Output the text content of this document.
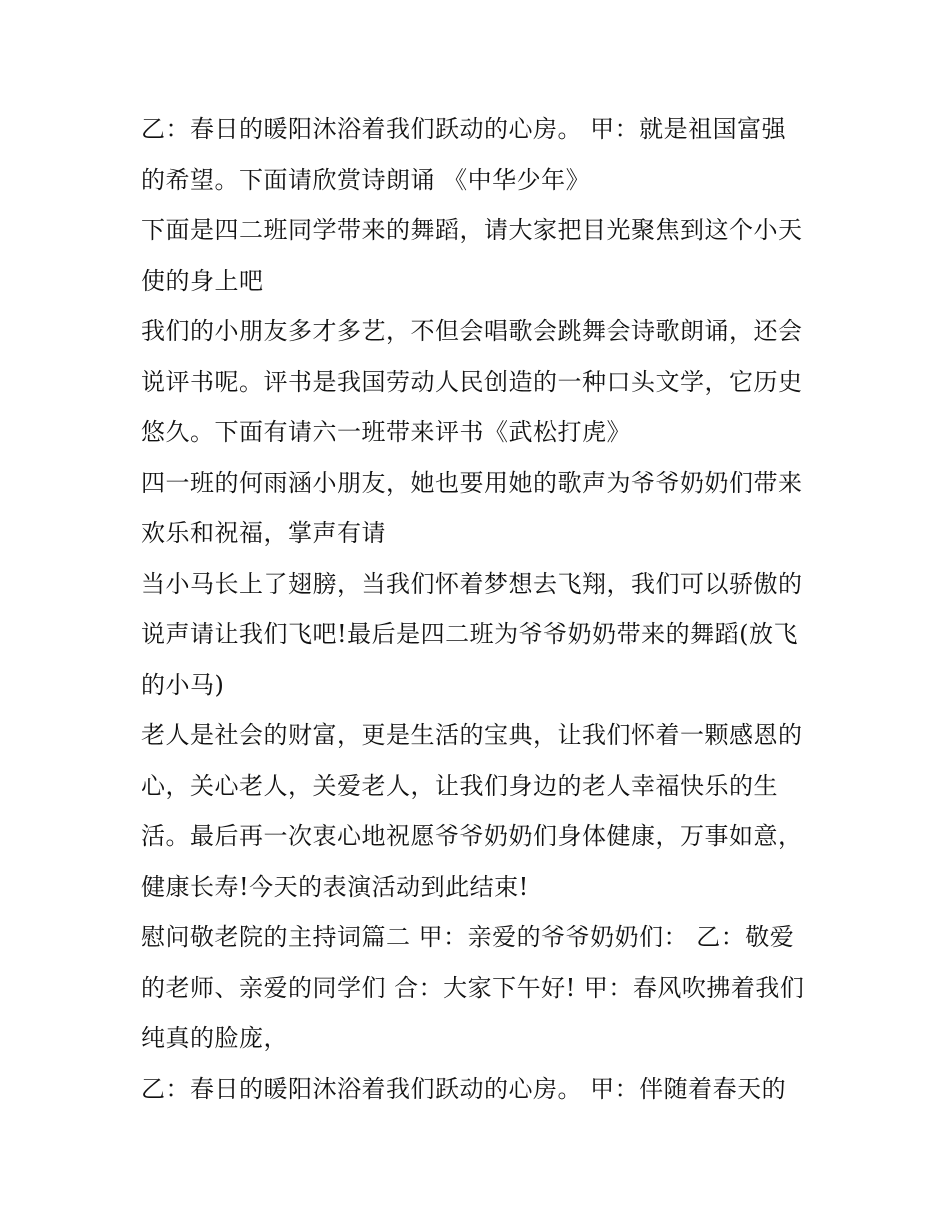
乙：春日的暖阳沐浴着我们跃动的心房。 甲：就是祖国富强
的希望。下面请欣赏诗朗诵 《中华少年》
下面是四二班同学带来的舞蹈，请大家把目光聚焦到这个小天
使的身上吧
我们的小朋友多才多艺，不但会唱歌会跳舞会诗歌朗诵，还会
说评书呢。评书是我国劳动人民创造的一种口头文学，它历史
悠久。下面有请六一班带来评书《武松打虎》
四一班的何雨涵小朋友，她也要用她的歌声为爷爷奶奶们带来
欢乐和祝福，掌声有请
当小马长上了翅膀，当我们怀着梦想去飞翔，我们可以骄傲的
说声请让我们飞吧!最后是四二班为爷爷奶奶带来的舞蹈(放飞
的小马)
老人是社会的财富，更是生活的宝典，让我们怀着一颗感恩的
心，关心老人，关爱老人，让我们身边的老人幸福快乐的生
活。最后再一次衷心地祝愿爷爷奶奶们身体健康，万事如意，
健康长寿!今天的表演活动到此结束!
慰问敬老院的主持词篇二 甲：亲爱的爷爷奶奶们： 乙：敬爱
的老师、亲爱的同学们 合：大家下午好! 甲：春风吹拂着我们
纯真的脸庞，
乙：春日的暖阳沐浴着我们跃动的心房。 甲：伴随着春天的
